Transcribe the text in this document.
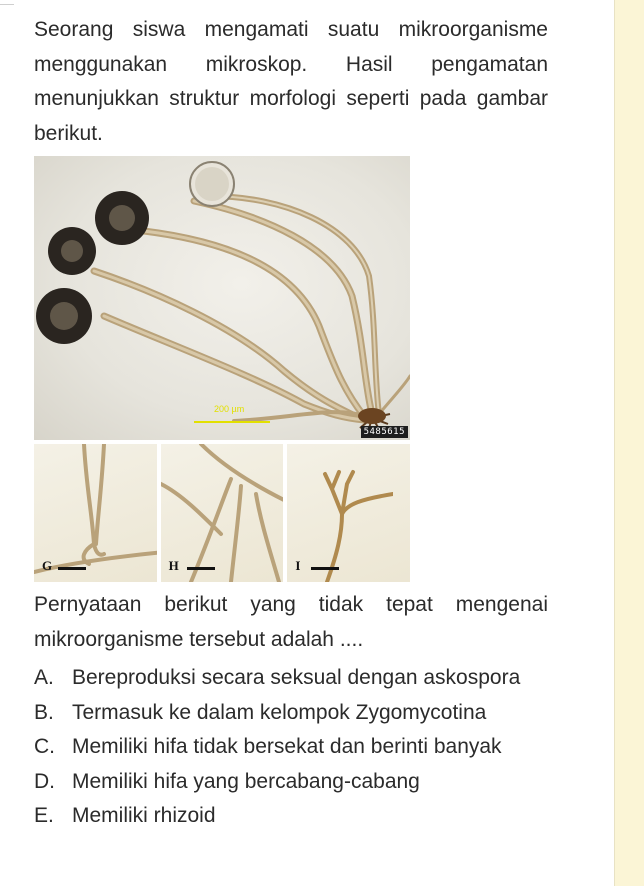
Seorang siswa mengamati suatu mikroorganisme menggunakan mikroskop. Hasil pengamatan menunjukkan struktur morfologi seperti pada gambar berikut.

200 µm
5485615
G	H	I

Pernyataan berikut yang tidak tepat mengenai mikroorganisme tersebut adalah ....

A. Bereproduksi secara seksual dengan askospora
B. Termasuk ke dalam kelompok Zygomycotina
C. Memiliki hifa tidak bersekat dan berinti banyak
D. Memiliki hifa yang bercabang-cabang
E. Memiliki rhizoid
